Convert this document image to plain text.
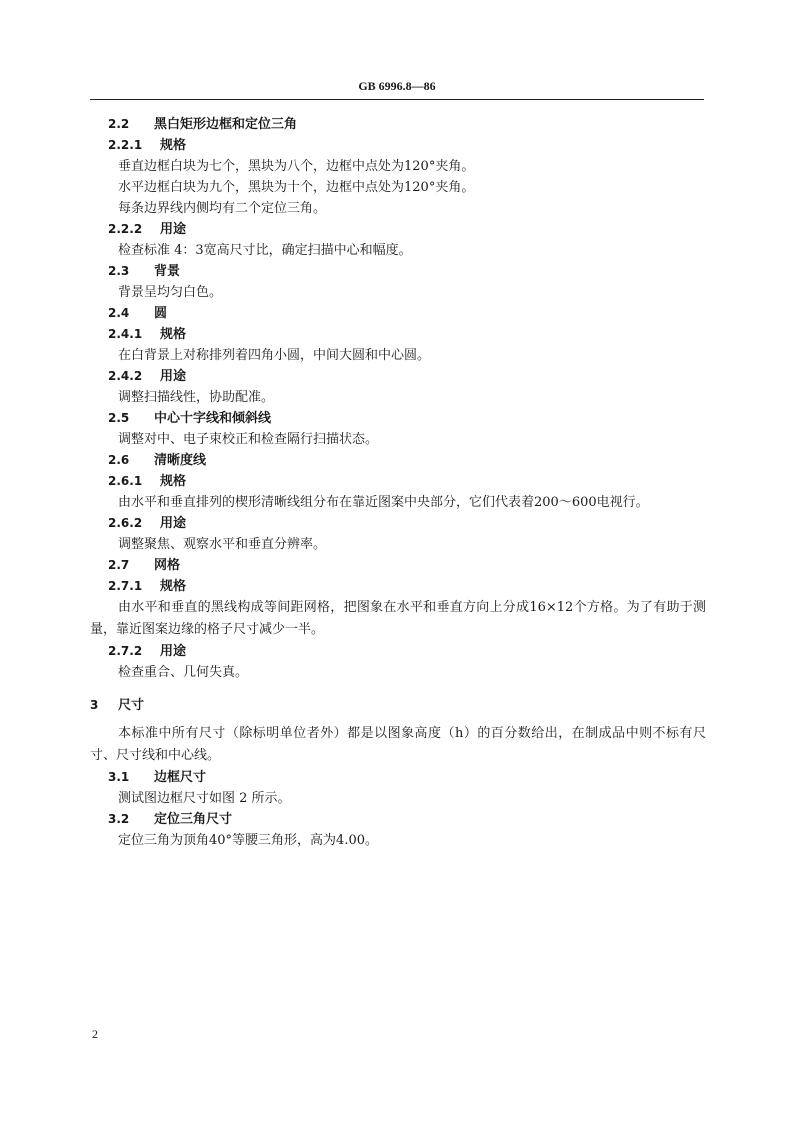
GB 6996.8—86
2.2 黑白矩形边框和定位三角
2.2.1 规格
垂直边框白块为七个，黑块为八个，边框中点处为120°夹角。
水平边框白块为九个，黑块为十个，边框中点处为120°夹角。
每条边界线内侧均有二个定位三角。
2.2.2 用途
检查标准 4：3宽高尺寸比，确定扫描中心和幅度。
2.3 背景
背景呈均匀白色。
2.4 圆
2.4.1 规格
在白背景上对称排列着四角小圆，中间大圆和中心圆。
2.4.2 用途
调整扫描线性，协助配准。
2.5 中心十字线和倾斜线
调整对中、电子束校正和检查隔行扫描状态。
2.6 清晰度线
2.6.1 规格
由水平和垂直排列的楔形清晰线组分布在靠近图案中央部分，它们代表着200～600电视行。
2.6.2 用途
调整聚焦、观察水平和垂直分辨率。
2.7 网格
2.7.1 规格
由水平和垂直的黑线构成等间距网格，把图象在水平和垂直方向上分成16×12个方格。为了有助于测量，靠近图案边缘的格子尺寸减少一半。
2.7.2 用途
检查重合、几何失真。
3 尺寸
本标准中所有尺寸（除标明单位者外）都是以图象高度（h）的百分数给出，在制成品中则不标有尺寸、尺寸线和中心线。
3.1 边框尺寸
测试图边框尺寸如图 2 所示。
3.2 定位三角尺寸
定位三角为顶角40°等腰三角形，高为4.00。
2
